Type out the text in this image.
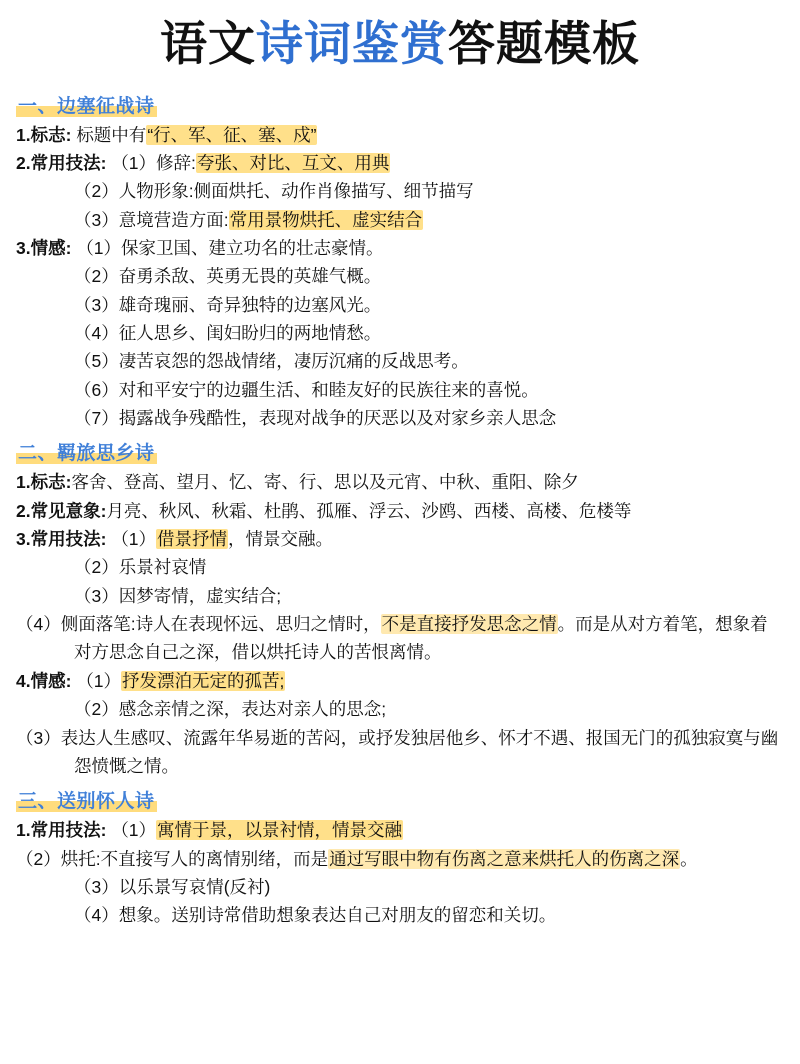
语文诗词鉴赏答题模板
一、边塞征战诗
1.标志: 标题中有“行、军、征、塞、戍”
2.常用技法: （1）修辞:夸张、对比、互文、用典
（2）人物形象:侧面烘托、动作肖像描写、细节描写
（3）意境营造方面:常用景物烘托、虚实结合
3.情感: （1）保家卫国、建立功名的壮志豪情。
（2）奋勇杀敌、英勇无畏的英雄气概。
（3）雄奇瑰丽、奇异独特的边塞风光。
（4）征人思乡、闺妇盼归的两地情愁。
（5）凄苦哀怨的怨战情绪，凄厉沉痛的反战思考。
（6）对和平安宁的边疆生活、和睦友好的民族往来的喜悦。
（7）揭露战争残酷性，表现对战争的厌恶以及对家乡亲人思念
二、羁旅思乡诗
1.标志:客舍、登高、望月、忆、寄、行、思以及元宵、中秋、重阳、除夕
2.常见意象:月亮、秋风、秋霜、杜鹃、孤雁、浮云、沙鸥、西楼、高楼、危楼等
3.常用技法: （1）借景抒情，情景交融。
（2）乐景衬哀情
（3）因梦寄情，虚实结合;
（4）侧面落笔:诗人在表现怀远、思归之情时，不是直接抒发思念之情。而是从对方着笔，想象着对方思念自己之深，借以烘托诗人的苦恨离情。
4.情感: （1）抒发漂泊无定的孤苦;
（2）感念亲情之深，表达对亲人的思念;
（3）表达人生感叹、流露年华易逝的苦闷，或抒发独居他乡、怀才不遇、报国无门的孤独寂寞与幽怨愤慨之情。
三、送别怀人诗
1.常用技法: （1）寓情于景，以景衬情，情景交融
（2）烘托:不直接写人的离情别绪，而是通过写眼中物有伤离之意来烘托人的伤离之深。
（3）以乐景写哀情(反衬)
（4）想象。送别诗常借助想象表达自己对朋友的留恋和关切。
